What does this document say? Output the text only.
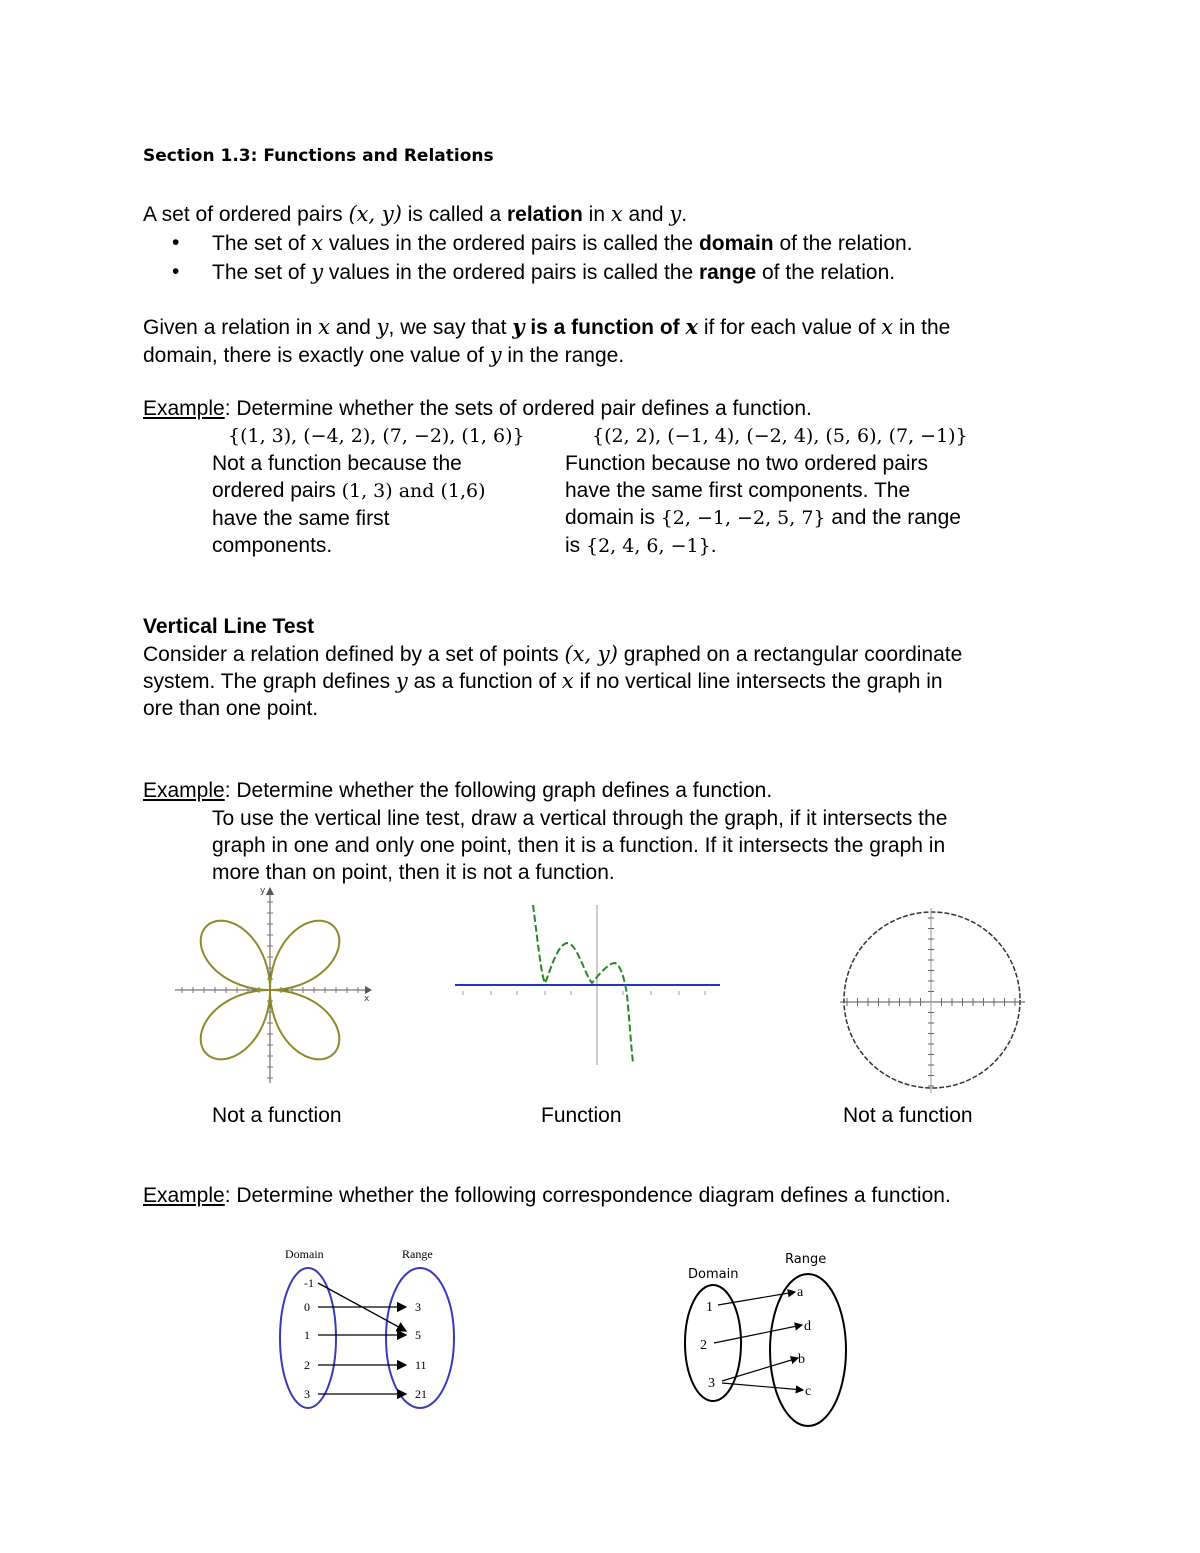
Section 1.3: Functions and Relations
A set of ordered pairs (x, y) is called a relation in x and y.
• The set of x values in the ordered pairs is called the domain of the relation.
• The set of y values in the ordered pairs is called the range of the relation.
Given a relation in x and y, we say that y is a function of x if for each value of x in the
domain, there is exactly one value of y in the range.
Example: Determine whether the sets of ordered pair defines a function.
{(1, 3), (−4, 2), (7, −2), (1, 6)}
Not a function because the
ordered pairs (1, 3) and (1,6)
have the same first
components.
{(2, 2), (−1, 4), (−2, 4), (5, 6), (7, −1)}
Function because no two ordered pairs
have the same first components. The
domain is {2, −1, −2, 5, 7} and the range
is {2, 4, 6, −1}.
Vertical Line Test
Consider a relation defined by a set of points (x, y) graphed on a rectangular coordinate
system. The graph defines y as a function of x if no vertical line intersects the graph in
ore than one point.
Example: Determine whether the following graph defines a function.
To use the vertical line test, draw a vertical through the graph, if it intersects the
graph in one and only one point, then it is a function. If it intersects the graph in
more than on point, then it is not a function.
x
y
Not a function	Function	Not a function
Example: Determine whether the following correspondence diagram defines a function.
Domain	Range
-1
0
1
2
3
3
5
11
21
Domain
Range
1
2
3
a
d
b
c
